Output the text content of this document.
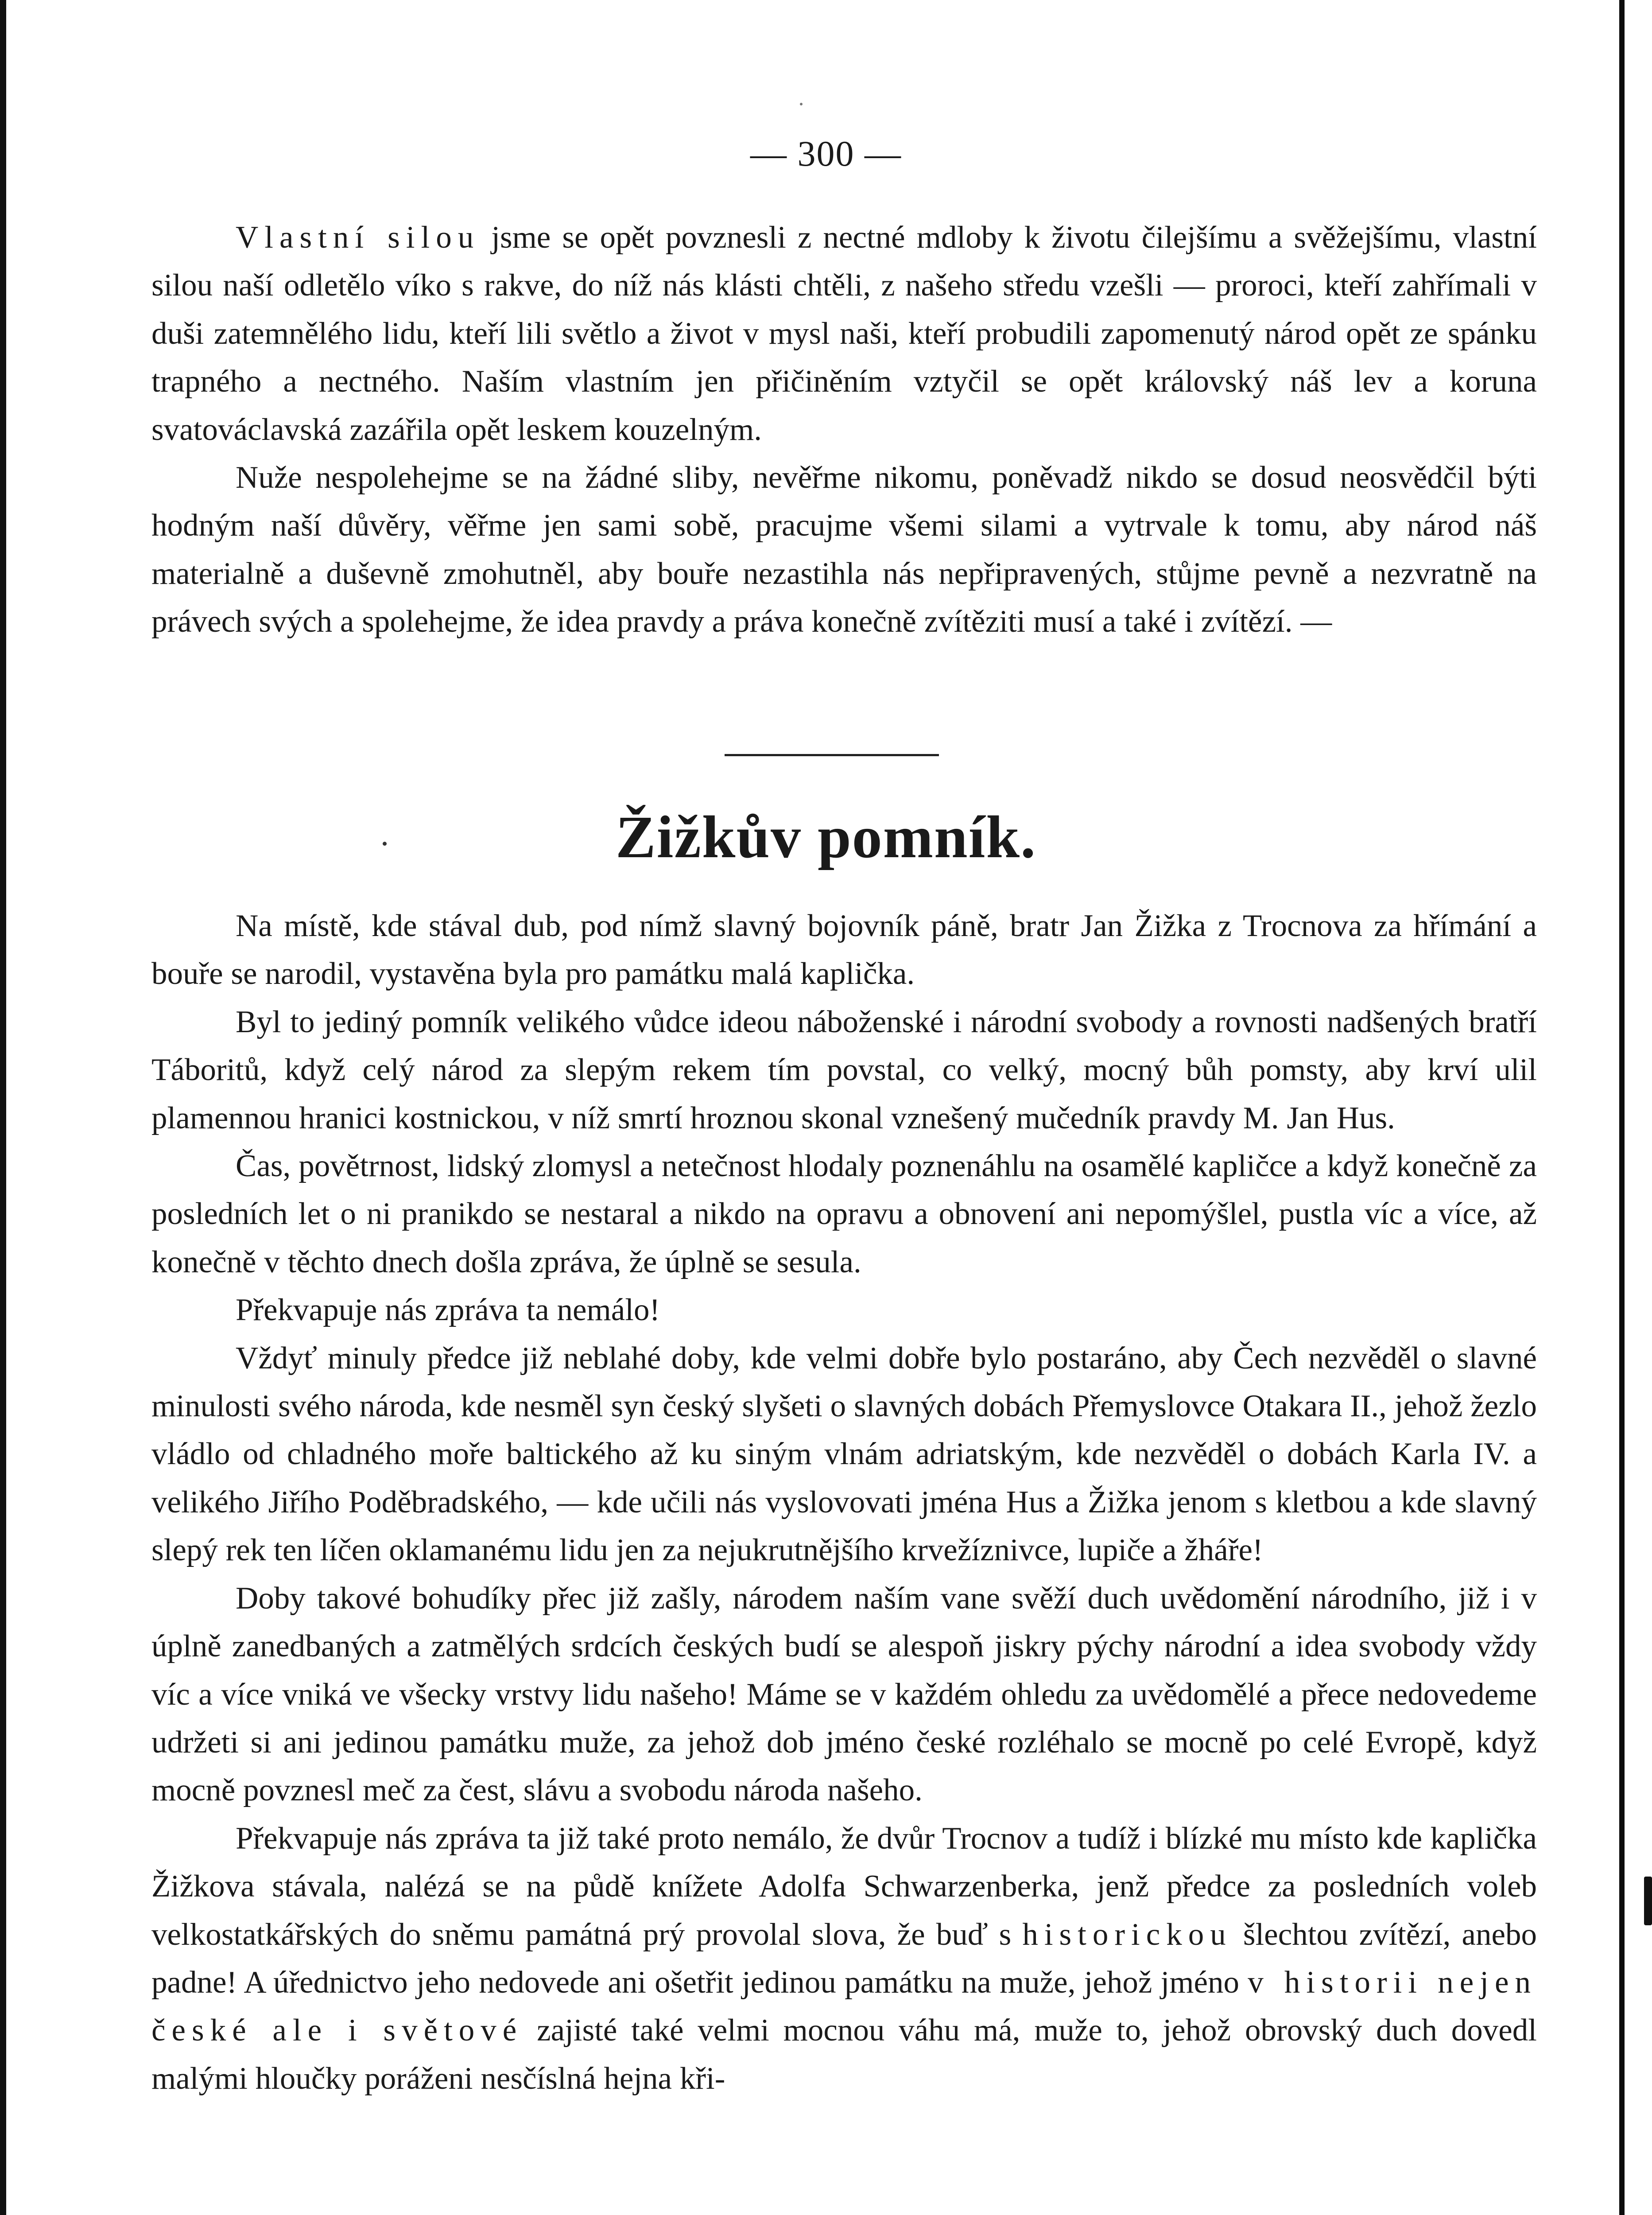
— 300 —

Vlastní silou jsme se opět povznesli z nectné mdloby k životu čilejšímu a svěžejšímu, vlastní silou naší odletělo víko s rakve, do níž nás klásti chtěli, z našeho středu vzešli — proroci, kteří zahřímali v duši zatemnělého lidu, kteří lili světlo a život v mysl naši, kteří probudili zapomenutý národ opět ze spánku trapného a nectného. Naším vlastním jen přičiněním vztyčil se opět královský náš lev a koruna svatováclavská zazářila opět leskem kouzelným.

Nuže nespolehejme se na žádné sliby, nevěřme nikomu, poněvadž nikdo se dosud neosvědčil býti hodným naší důvěry, věřme jen sami sobě, pracujme všemi silami a vytrvale k tomu, aby národ náš materialně a duševně zmohutněl, aby bouře nezastihla nás nepřipravených, stůjme pevně a nezvratně na právech svých a spolehejme, že idea pravdy a práva konečně zvítěziti musí a také i zvítězí. —

Žižkův pomník.

Na místě, kde stával dub, pod nímž slavný bojovník páně, bratr Jan Žižka z Trocnova za hřímání a bouře se narodil, vystavěna byla pro památku malá kaplička.

Byl to jediný pomník velikého vůdce ideou náboženské i národní svobody a rovnosti nadšených bratří Táboritů, když celý národ za slepým rekem tím povstal, co velký, mocný bůh pomsty, aby krví ulil plamennou hranici kostnickou, v níž smrtí hroznou skonal vznešený mučedník pravdy M. Jan Hus.

Čas, povětrnost, lidský zlomysl a netečnost hlodaly poznenáhlu na osamělé kapličce a když konečně za posledních let o ni pranikdo se nestaral a nikdo na opravu a obnovení ani nepomýšlel, pustla víc a více, až konečně v těchto dnech došla zpráva, že úplně se sesula.

Překvapuje nás zpráva ta nemálo!

Vždyť minuly předce již neblahé doby, kde velmi dobře bylo postaráno, aby Čech nezvěděl o slavné minulosti svého národa, kde nesměl syn český slyšeti o slavných dobách Přemyslovce Otakara II., jehož žezlo vládlo od chladného moře baltického až ku siným vlnám adriatským, kde nezvěděl o dobách Karla IV. a velikého Jiřího Poděbradského, — kde učili nás vyslovovati jména Hus a Žižka jenom s kletbou a kde slavný slepý rek ten líčen oklamanému lidu jen za nejukrutnějšího krvežíznivce, lupiče a žháře!

Doby takové bohudíky přec již zašly, národem naším vane svěží duch uvědomění národního, již i v úplně zanedbaných a zatmělých srdcích českých budí se alespoň jiskry pýchy národní a idea svobody vždy víc a více vniká ve všecky vrstvy lidu našeho! Máme se v každém ohledu za uvědomělé a přece nedovedeme udržeti si ani jedinou památku muže, za jehož dob jméno české rozléhalo se mocně po celé Evropě, když mocně povznesl meč za čest, slávu a svobodu národa našeho.

Překvapuje nás zpráva ta již také proto nemálo, že dvůr Trocnov a tudíž i blízké mu místo kde kaplička Žižkova stávala, nalézá se na půdě knížete Adolfa Schwarzenberka, jenž předce za posledních voleb velkostatkářských do sněmu památná prý provolal slova, že buď s historickou šlechtou zvítězí, anebo padne! A úřednictvo jeho nedovede ani ošetřit jedinou památku na muže, jehož jméno v historii nejen české ale i světové zajisté také velmi mocnou váhu má, muže to, jehož obrovský duch dovedl malými hloučky poráženi nesčíslná hejna kři-
